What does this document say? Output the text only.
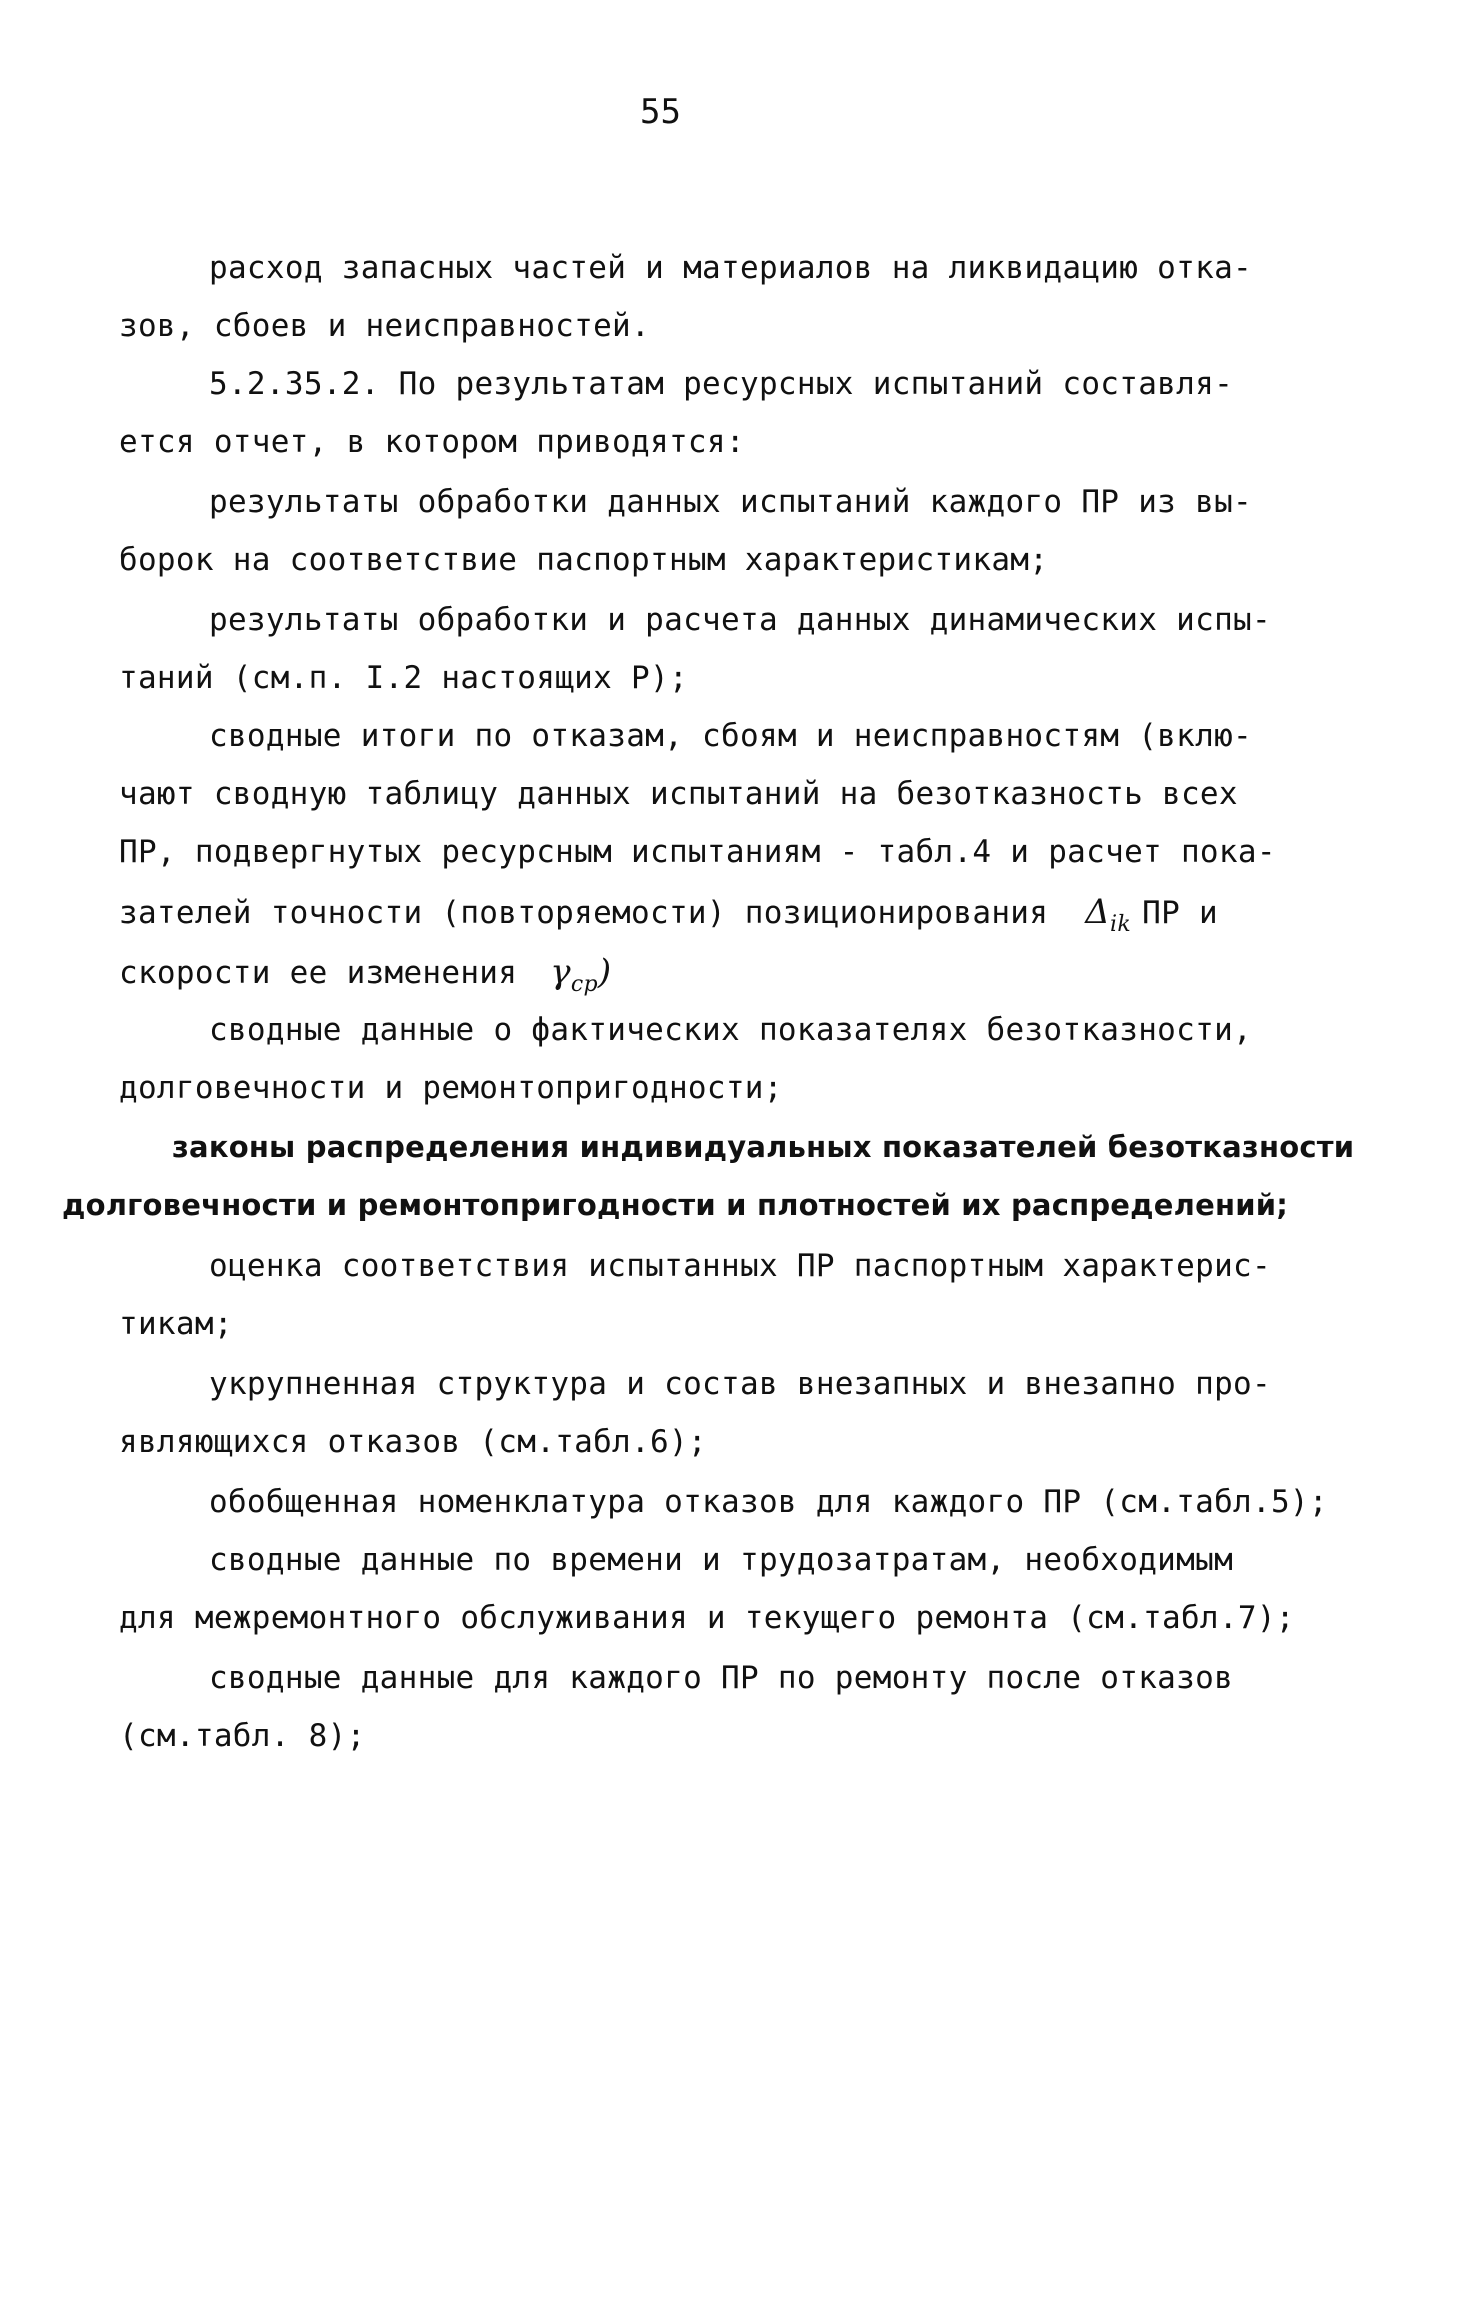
55
расход запасных частей и материалов на ликвидацию отка-
зов, сбоев и неисправностей.
5.2.35.2. По результатам ресурсных испытаний составля-
ется отчет, в котором приводятся:
результаты обработки данных испытаний каждого ПР из вы-
борок на соответствие паспортным характеристикам;
результаты обработки и расчета данных динамических испы-
таний (см.п. I.2 настоящих Р);
сводные итоги по отказам, сбоям и неисправностям (вклю-
чают сводную таблицу данных испытаний на безотказность всех
ПР, подвергнутых ресурсным испытаниям - табл.4 и расчет пока-
зателей точности (повторяемости) позиционирования $\Delta_{ik}$ ПР и
скорости ее изменения $\gamma_{ср}$)
сводные данные о фактических показателях безотказности,
долговечности и ремонтопригодности;
законы распределения индивидуальных показателей безотказности
долговечности и ремонтопригодности и плотностей их распределений;
оценка соответствия испытанных ПР паспортным характерис-
тикам;
укрупненная структура и состав внезапных и внезапно про-
являющихся отказов (см.табл.6);
обобщенная номенклатура отказов для каждого ПР (см.табл.5);
сводные данные по времени и трудозатратам, необходимым
для межремонтного обслуживания и текущего ремонта (см.табл.7);
сводные данные для каждого ПР по ремонту после отказов
(см.табл. 8);
